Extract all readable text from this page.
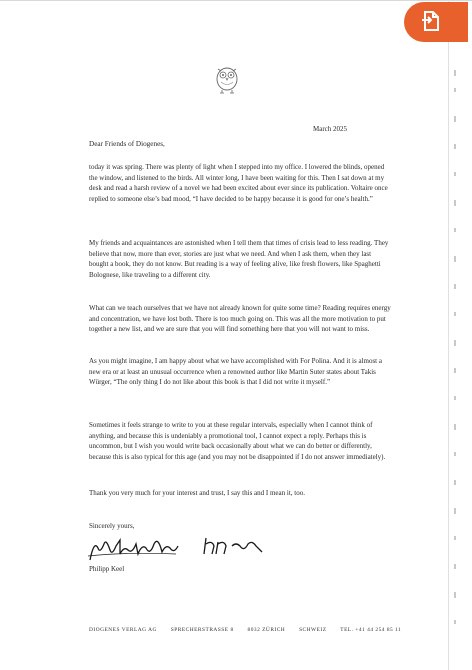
March 2025
Dear Friends of Diogenes,

today it was spring. There was plenty of light when I stepped into my office. I lowered the blinds, opened the window, and listened to the birds. All winter long, I have been waiting for this. Then I sat down at my desk and read a harsh review of a novel we had been excited about ever since its publication. Voltaire once replied to someone else’s bad mood, “I have decided to be happy because it is good for one’s health.”

My friends and acquaintances are astonished when I tell them that times of crisis lead to less reading. They believe that now, more than ever, stories are just what we need. And when I ask them, when they last bought a book, they do not know. But reading is a way of feeling alive, like fresh flowers, like Spaghetti Bolognese, like traveling to a different city.

What can we teach ourselves that we have not already known for quite some time? Reading requires energy and concentration, we have lost both. There is too much going on. This was all the more motivation to put together a new list, and we are sure that you will find something here that you will not want to miss.

As you might imagine, I am happy about what we have accomplished with For Polina. And it is almost a new era or at least an unusual occurrence when a renowned author like Martin Suter states about Takis Würger, “The only thing I do not like about this book is that I did not write it myself.”

Sometimes it feels strange to write to you at these regular intervals, especially when I cannot think of anything, and because this is undeniably a promotional tool, I cannot expect a reply. Perhaps this is uncommon, but I wish you would write back occasionally about what we can do better or differently, because this is also typical for this age (and you may not be disappointed if I do not answer immediately).

Thank you very much for your interest and trust, I say this and I mean it, too.

Sincerely yours,
Philipp Keel
DIOGENES VERLAG AG	SPRECHERSTRASSE 8	8032 ZÜRICH	SCHWEIZ	TEL. +41 44 254 85 11
